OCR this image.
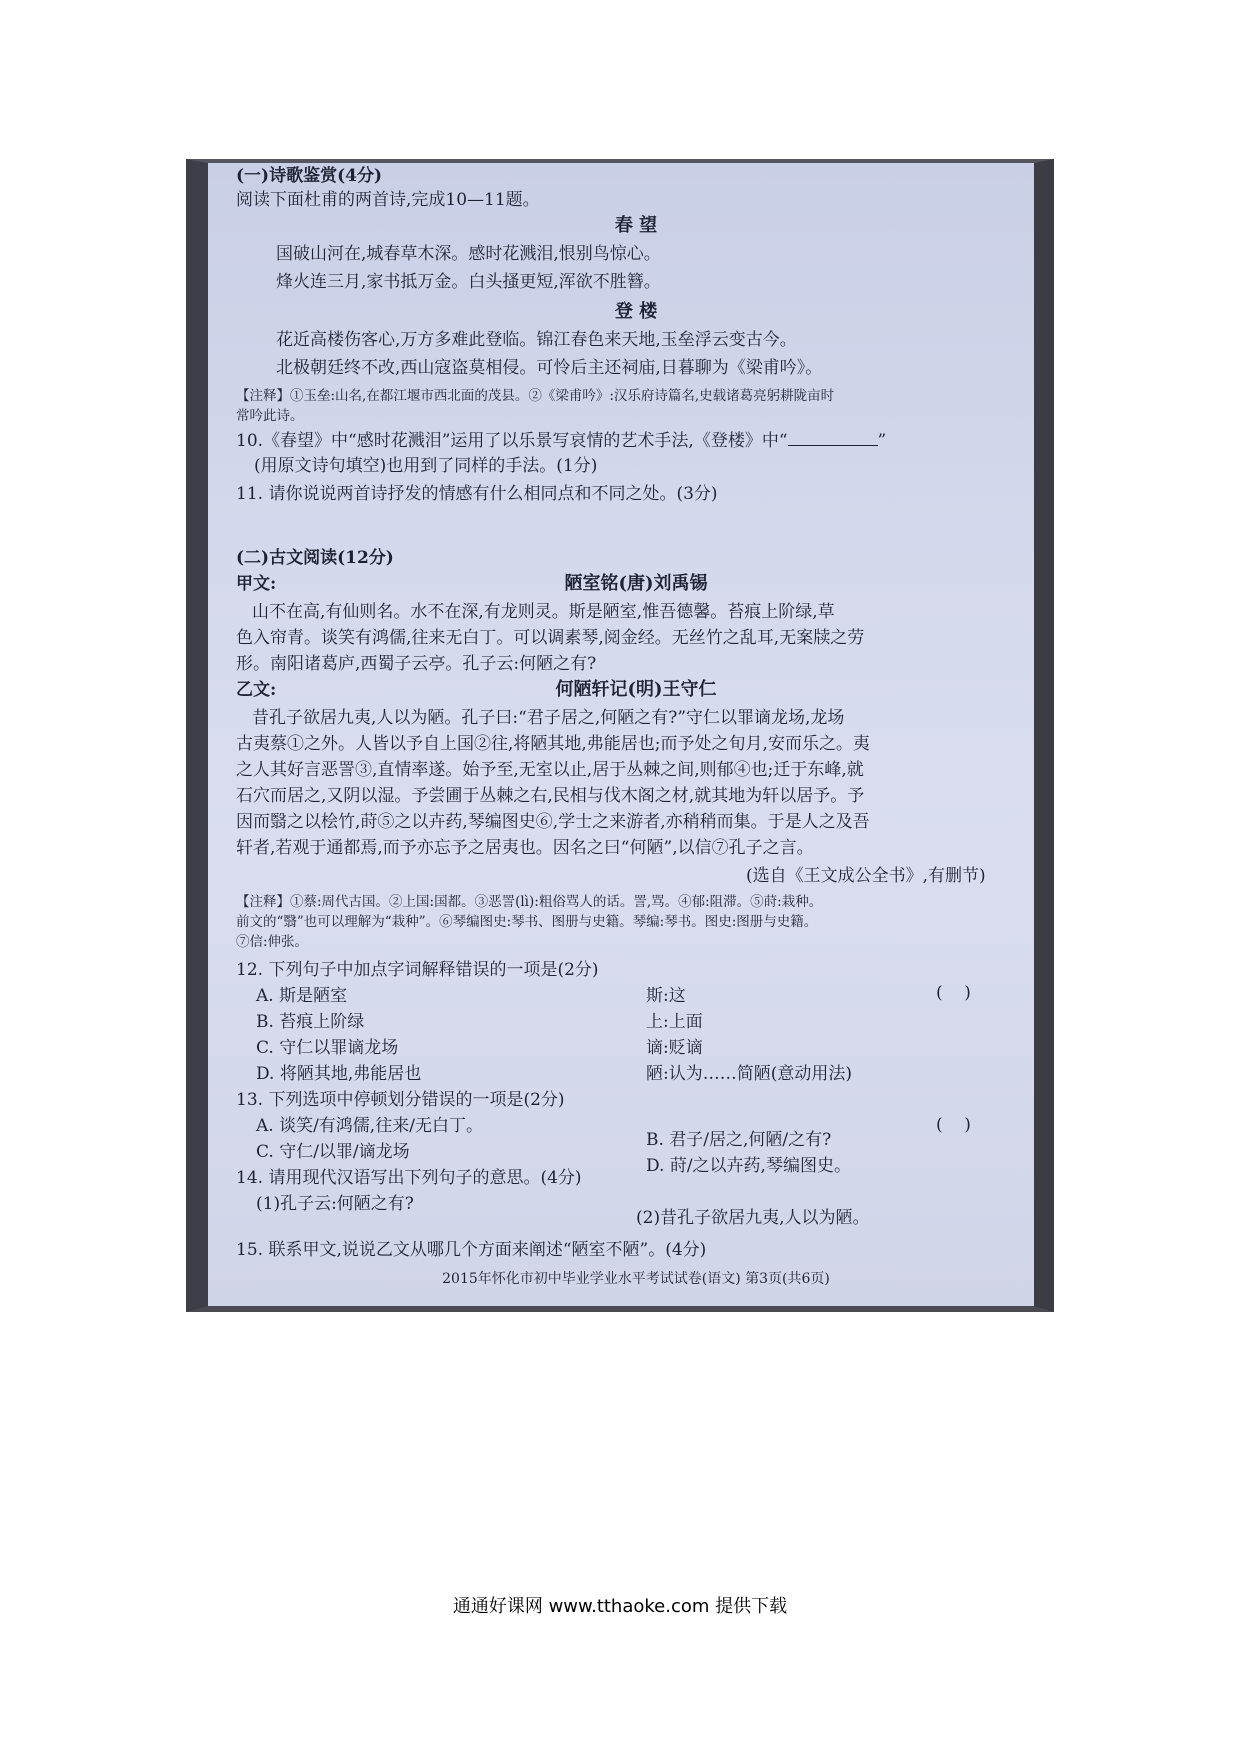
(一)诗歌鉴赏(4分)
阅读下面杜甫的两首诗,完成10—11题。
春 望
国破山河在,城春草木深。感时花溅泪,恨别鸟惊心。
烽火连三月,家书抵万金。白头搔更短,浑欲不胜簪。
登 楼
花近高楼伤客心,万方多难此登临。锦江春色来天地,玉垒浮云变古今。
北极朝廷终不改,西山寇盗莫相侵。可怜后主还祠庙,日暮聊为《梁甫吟》。
【注释】①玉垒:山名,在都江堰市西北面的茂县。②《梁甫吟》:汉乐府诗篇名,史载诸葛亮躬耕陇亩时
常吟此诗。
10.《春望》中“感时花溅泪”运用了以乐景写哀情的艺术手法,《登楼》中“	”
(用原文诗句填空)也用到了同样的手法。(1分)
11. 请你说说两首诗抒发的情感有什么相同点和不同之处。(3分)
(二)古文阅读(12分)
甲文:	陋室铭(唐)刘禹锡
山不在高,有仙则名。水不在深,有龙则灵。斯是陋室,惟吾德馨。苔痕上阶绿,草
色入帘青。谈笑有鸿儒,往来无白丁。可以调素琴,阅金经。无丝竹之乱耳,无案牍之劳
形。南阳诸葛庐,西蜀子云亭。孔子云:何陋之有?
乙文:	何陋轩记(明)王守仁
昔孔子欲居九夷,人以为陋。孔子曰:“君子居之,何陋之有?”守仁以罪谪龙场,龙场
古夷蔡①之外。人皆以予自上国②往,将陋其地,弗能居也;而予处之旬月,安而乐之。夷
之人其好言恶詈③,直情率遂。始予至,无室以止,居于丛棘之间,则郁④也;迁于东峰,就
石穴而居之,又阴以湿。予尝圃于丛棘之右,民相与伐木阁之材,就其地为轩以居予。予
因而翳之以桧竹,莳⑤之以卉药,琴编图史⑥,学士之来游者,亦稍稍而集。于是人之及吾
轩者,若观于通都焉,而予亦忘予之居夷也。因名之曰“何陋”,以信⑦孔子之言。
(选自《王文成公全书》,有删节)
【注释】①蔡:周代古国。②上国:国都。③恶詈(lì):粗俗骂人的话。詈,骂。④郁:阻滞。⑤莳:栽种。
前文的“翳”也可以理解为“栽种”。⑥琴编图史:琴书、图册与史籍。琴编:琴书。图史:图册与史籍。
⑦信:伸张。
12. 下列句子中加点字词解释错误的一项是(2分)
(    )
A. 斯是陋室	斯:这
B. 苔痕上阶绿	上:上面
C. 守仁以罪谪龙场	谪:贬谪
D. 将陋其地,弗能居也	陋:认为……简陋(意动用法)
13. 下列选项中停顿划分错误的一项是(2分)
(    )
A. 谈笑/有鸿儒,往来/无白丁。
C. 守仁/以罪/谪龙场
B. 君子/居之,何陋/之有?
14. 请用现代汉语写出下列句子的意思。(4分)
D. 莳/之以卉药,琴编图史。
(1)孔子云:何陋之有?
(2)昔孔子欲居九夷,人以为陋。
15. 联系甲文,说说乙文从哪几个方面来阐述“陋室不陋”。(4分)
2015年怀化市初中毕业学业水平考试试卷(语文) 第3页(共6页)
通通好课网 www.tthaoke.com 提供下载
